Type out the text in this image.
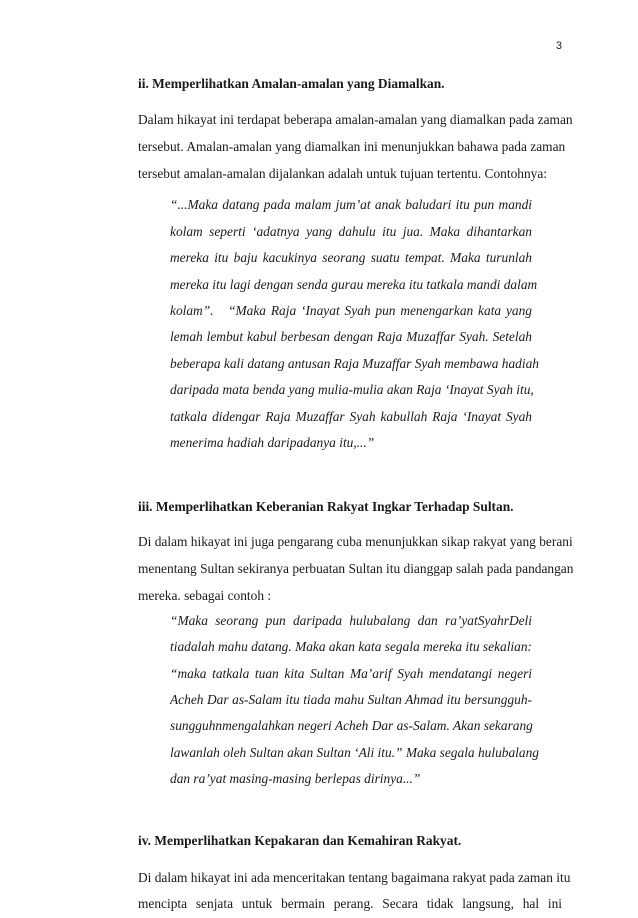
3
ii. Memperlihatkan Amalan-amalan yang Diamalkan.
Dalam hikayat ini terdapat beberapa amalan-amalan yang diamalkan pada zaman
tersebut. Amalan-amalan yang diamalkan ini menunjukkan bahawa pada zaman
tersebut amalan-amalan dijalankan adalah untuk tujuan tertentu. Contohnya:
“...Maka datang pada malam jum’at anak baludari itu pun mandi
kolam seperti ‘adatnya yang dahulu itu jua. Maka dihantarkan
mereka itu baju kacukinya seorang suatu tempat. Maka turunlah
mereka itu lagi dengan senda gurau mereka itu tatkala mandi dalam
kolam”.   “Maka Raja ‘Inayat Syah pun menengarkan kata yang
lemah lembut kabul berbesan dengan Raja Muzaffar Syah. Setelah
beberapa kali datang antusan Raja Muzaffar Syah membawa hadiah
daripada mata benda yang mulia-mulia akan Raja ‘Inayat Syah itu,
tatkala didengar Raja Muzaffar Syah kabullah Raja ‘Inayat Syah
menerima hadiah daripadanya itu,...”
iii. Memperlihatkan Keberanian Rakyat Ingkar Terhadap Sultan.
Di dalam hikayat ini juga pengarang cuba menunjukkan sikap rakyat yang berani
menentang Sultan sekiranya perbuatan Sultan itu dianggap salah pada pandangan
mereka. sebagai contoh :
“Maka seorang pun daripada hulubalang dan ra’yatSyahrDeli
tiadalah mahu datang. Maka akan kata segala mereka itu sekalian:
“maka tatkala tuan kita Sultan Ma’arif Syah mendatangi negeri
Acheh Dar as-Salam itu tiada mahu Sultan Ahmad itu bersungguh-
sungguhnmengalahkan negeri Acheh Dar as-Salam. Akan sekarang
lawanlah oleh Sultan akan Sultan ‘Ali itu.” Maka segala hulubalang
dan ra’yat masing-masing berlepas dirinya...”
iv. Memperlihatkan Kepakaran dan Kemahiran Rakyat.
Di dalam hikayat ini ada menceritakan tentang bagaimana rakyat pada zaman itu
mencipta senjata untuk bermain perang. Secara tidak langsung, hal ini
